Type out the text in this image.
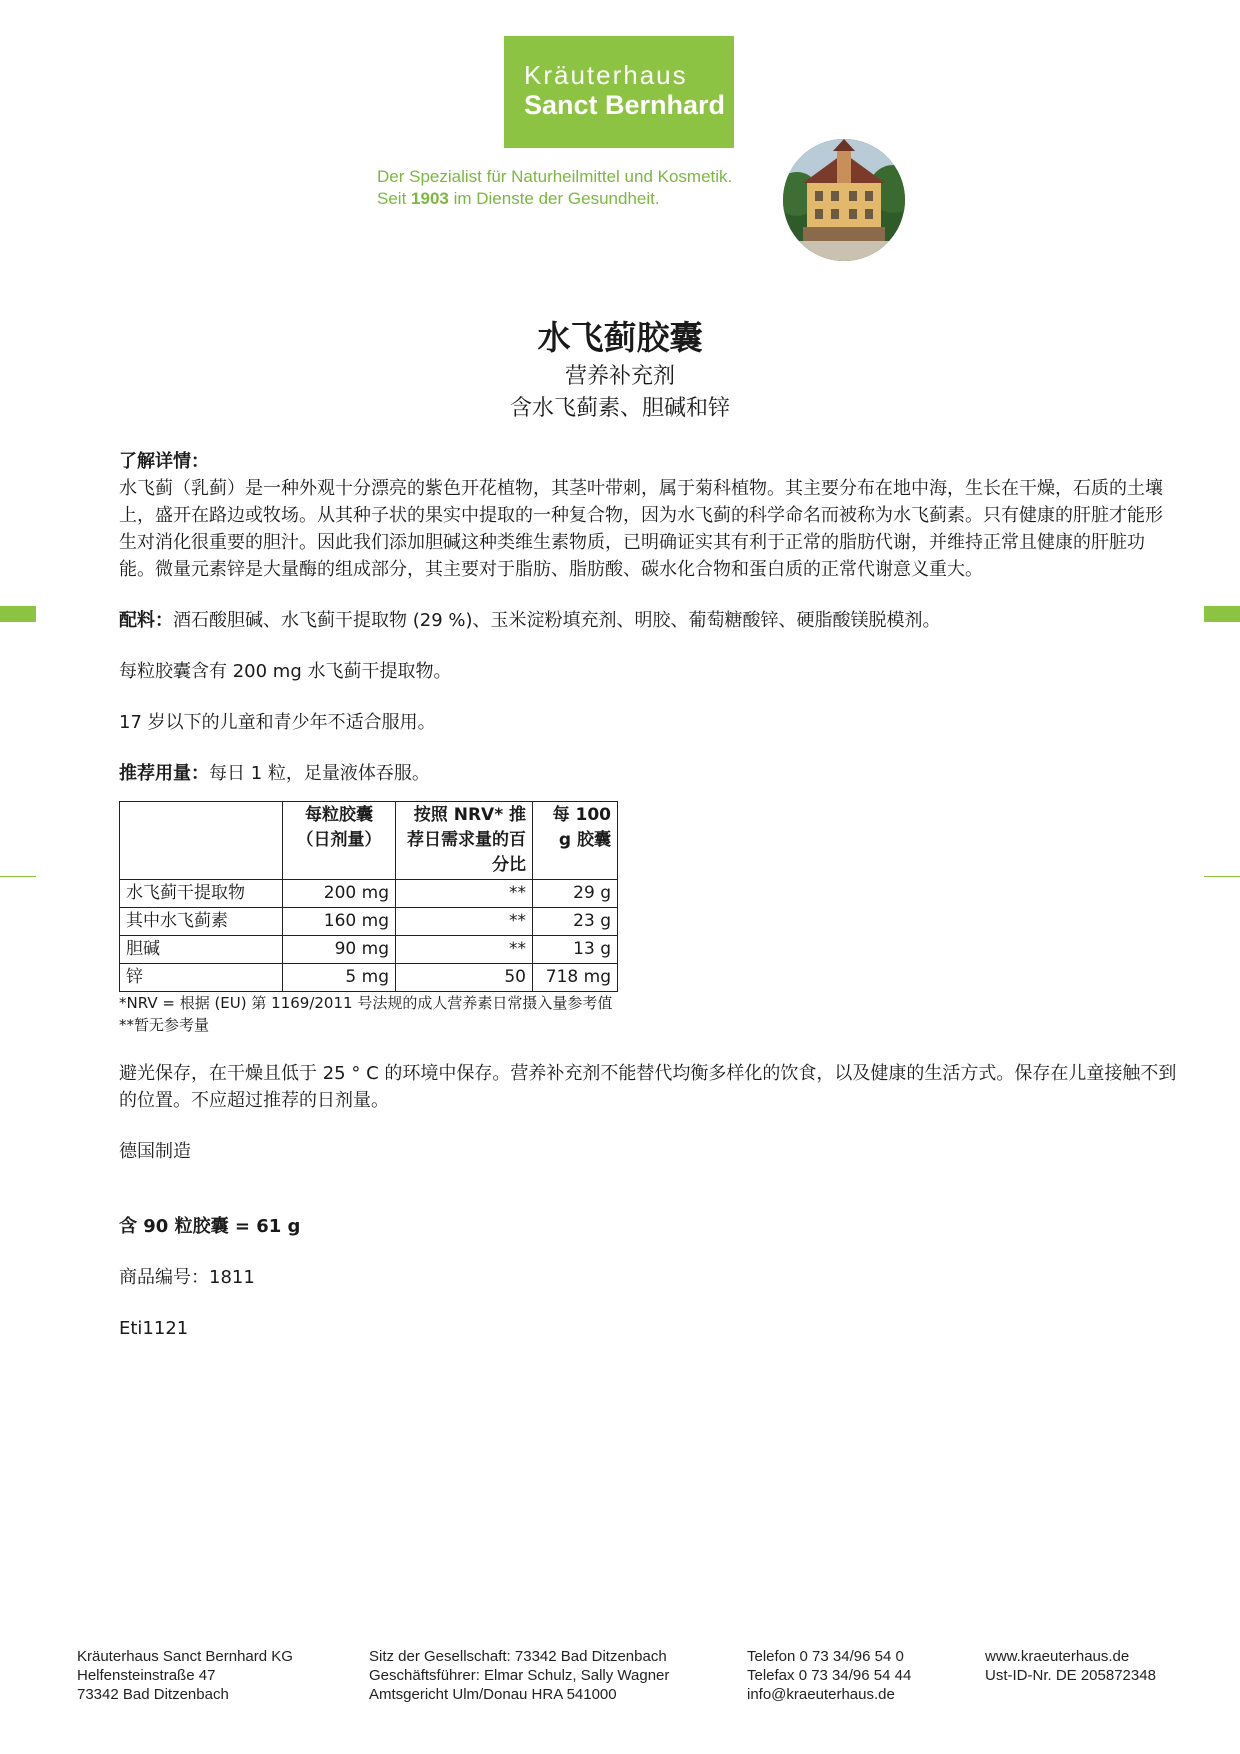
Kräuterhaus
Sanct Bernhard
Der Spezialist für Naturheilmittel und Kosmetik.
Seit 1903 im Dienste der Gesundheit.
水飞蓟胶囊
营养补充剂
含水飞蓟素、胆碱和锌

了解详情：

水飞蓟（乳蓟）是一种外观十分漂亮的紫色开花植物，其茎叶带刺，属于菊科植物。其主要分布在地中海，生长在干燥，石质的土壤上，盛开在路边或牧场。从其种子状的果实中提取的一种复合物，因为水飞蓟的科学命名而被称为水飞蓟素。只有健康的肝脏才能形生对消化很重要的胆汁。因此我们添加胆碱这种类维生素物质，已明确证实其有利于正常的脂肪代谢，并维持正常且健康的肝脏功能。微量元素锌是大量酶的组成部分，其主要对于脂肪、脂肪酸、碳水化合物和蛋白质的正常代谢意义重大。

配料：酒石酸胆碱、水飞蓟干提取物 (29 %)、玉米淀粉填充剂、明胶、葡萄糖酸锌、硬脂酸镁脱模剂。

每粒胶囊含有 200 mg 水飞蓟干提取物。

17 岁以下的儿童和青少年不适合服用。

推荐用量：每日 1 粒，足量液体吞服。

	每粒胶囊（日剂量）	按照 NRV* 推荐日需求量的百分比	每 100 g 胶囊
水飞蓟干提取物	200 mg	**	29 g
其中水飞蓟素	160 mg	**	23 g
胆碱	90 mg	**	13 g
锌	5 mg	50	718 mg

*NRV = 根据 (EU) 第 1169/2011 号法规的成人营养素日常摄入量参考值

**暂无参考量

避光保存，在干燥且低于 25 ° C 的环境中保存。营养补充剂不能替代均衡多样化的饮食，以及健康的生活方式。保存在儿童接触不到的位置。不应超过推荐的日剂量。

德国制造

含 90 粒胶囊 = 61 g

商品编号：1811

Eti1121

Kräuterhaus Sanct Bernhard KG
Helfensteinstraße 47
73342 Bad Ditzenbach
Sitz der Gesellschaft: 73342 Bad Ditzenbach
Geschäftsführer: Elmar Schulz, Sally Wagner
Amtsgericht Ulm/Donau HRA 541000
Telefon 0 73 34/96 54 0
Telefax 0 73 34/96 54 44
info@kraeuterhaus.de
www.kraeuterhaus.de
Ust-ID-Nr. DE 205872348
